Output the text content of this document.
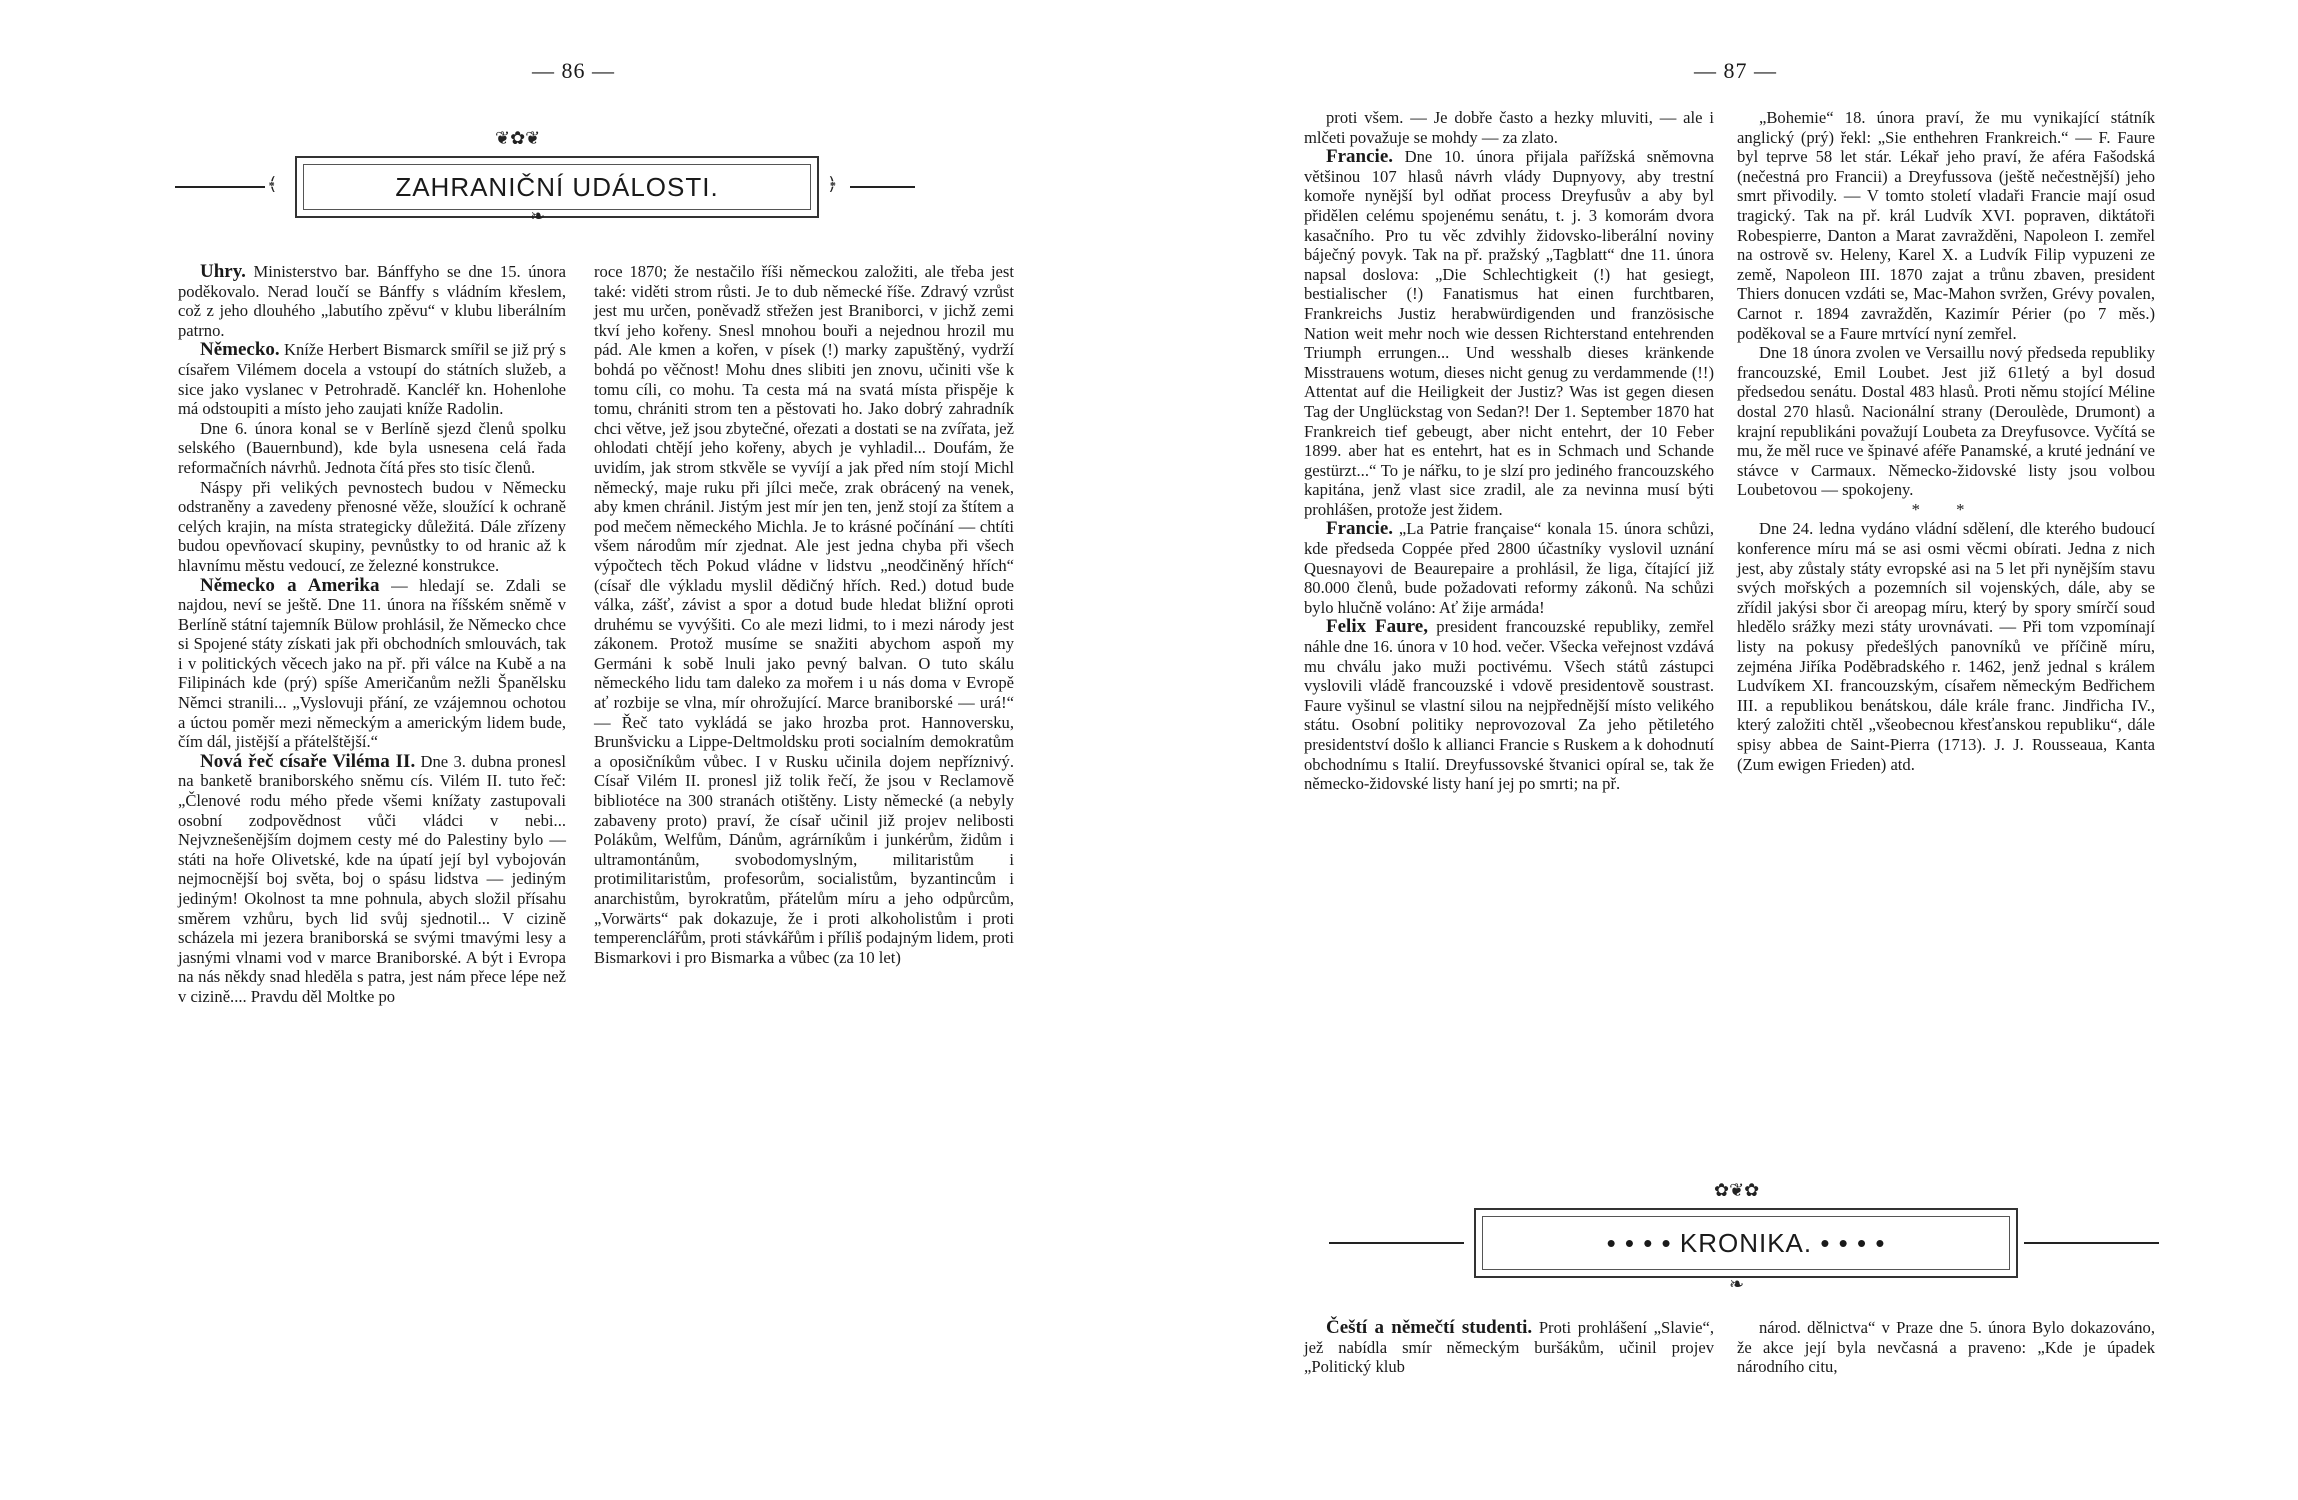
— 86 —
❦✿❦
﴾	ZAHRANIČNÍ UDÁLOSTI.	﴿
❧

Uhry. Ministerstvo bar. Bánffyho se dne 15. února poděkovalo. Nerad loučí se Bánffy s vládním křeslem, což z jeho dlouhého „labutího zpěvu“ v klubu liberálním patrno.

Německo. Kníže Herbert Bismarck smířil se již prý s císařem Vilémem docela a vstoupí do státních služeb, a sice jako vyslanec v Petrohradě. Kancléř kn. Hohenlohe má odstoupiti a místo jeho zaujati kníže Radolin.

Dne 6. února konal se v Berlíně sjezd členů spolku selského (Bauernbund), kde byla usnesena celá řada reformačních návrhů. Jednota čítá přes sto tisíc členů.

Náspy při velikých pevnostech budou v Německu odstraněny a zavedeny přenosné věže, sloužící k ochraně celých krajin, na místa strategicky důležitá. Dále zřízeny budou opevňovací skupiny, pevnůstky to od hranic až k hlavnímu městu vedoucí, ze železné konstrukce.

Německo a Amerika — hledají se. Zdali se najdou, neví se ještě. Dne 11. února na říšském sněmě v Berlíně státní tajemník Bülow prohlásil, že Německo chce si Spojené státy získati jak při obchodních smlouvách, tak i v politických věcech jako na př. při válce na Kubě a na Filipinách kde (prý) spíše Američanům nežli Španělsku Němci stranili... „Vyslovuji přání, ze vzájemnou ochotou a úctou poměr mezi německým a americkým lidem bude, čím dál, jistější a přátelštější.“

Nová řeč císaře Viléma II. Dne 3. dubna pronesl na banketě braniborského sněmu cís. Vilém II. tuto řeč: „Členové rodu mého přede všemi knížaty zastupovali osobní zodpovědnost vůči vládci v nebi... Nejvznešenějším dojmem cesty mé do Palestiny bylo — státi na hoře Olivetské, kde na úpatí její byl vybojován nejmocnější boj světa, boj o spásu lidstva — jediným jediným! Okolnost ta mne pohnula, abych složil přísahu směrem vzhůru, bych lid svůj sjednotil... V cizině scházela mi jezera braniborská se svými tmavými lesy a jasnými vlnami vod v marce Braniborské. A být i Evropa na nás někdy snad hleděla s patra, jest nám přece lépe než v cizině.... Pravdu děl Moltke po

roce 1870; že nestačilo říši německou založiti, ale třeba jest také: viděti strom růsti. Je to dub německé říše. Zdravý vzrůst jest mu určen, poněvadž střežen jest Braniborci, v jichž zemi tkví jeho kořeny. Snesl mnohou bouři a nejednou hrozil mu pád. Ale kmen a kořen, v písek (!) marky zapuštěný, vydrží bohdá po věčnost! Mohu dnes slibiti jen znovu, učiniti vše k tomu cíli, co mohu. Ta cesta má na svatá místa přispěje k tomu, chrániti strom ten a pěstovati ho. Jako dobrý zahradník chci větve, jež jsou zbytečné, ořezati a dostati se na zvířata, jež ohlodati chtějí jeho kořeny, abych je vyhladil... Doufám, že uvidím, jak strom stkvěle se vyvíjí a jak před ním stojí Michl německý, maje ruku při jílci meče, zrak obrácený na venek, aby kmen chránil. Jistým jest mír jen ten, jenž stojí za štítem a pod mečem německého Michla. Je to krásné počínání — chtíti všem národům mír zjednat. Ale jest jedna chyba při všech výpočtech těch Pokud vládne v lidstvu „neodčiněný hřích“ (císař dle výkladu myslil dědičný hřích. Red.) dotud bude válka, zášť, závist a spor a dotud bude hledat bližní oproti druhému se vyvýšiti. Co ale mezi lidmi, to i mezi národy jest zákonem. Protož musíme se snažiti abychom aspoň my Germáni k sobě lnuli jako pevný balvan. O tuto skálu německého lidu tam daleko za mořem i u nás doma v Evropě ať rozbije se vlna, mír ohrožující. Marce braniborské — urá!“ — Řeč tato vykládá se jako hrozba prot. Hannoversku, Brunšvicku a Lippe-Deltmoldsku proti socialním demokratům a oposičníkům vůbec. I v Rusku učinila dojem nepříznivý. Císař Vilém II. pronesl již tolik řečí, že jsou v Reclamově bibliotéce na 300 stranách otištěny. Listy německé (a nebyly zabaveny proto) praví, že císař učinil již projev nelibosti Polákům, Welfům, Dánům, agrárníkům i junkérům, židům i ultramontánům, svobodomyslným, militaristům i protimilitaristům, profesorům, socialistům, byzantincům i anarchistům, byrokratům, přátelům míru a jeho odpůrcům, „Vorwärts“ pak dokazuje, že i proti alkoholistům i proti temperenclářům, proti stávkářům i příliš podajným lidem, proti Bismarkovi i pro Bismarka a vůbec (za 10 let)

— 87 —

proti všem. — Je dobře často a hezky mluviti, — ale i mlčeti považuje se mohdy — za zlato.

Francie. Dne 10. února přijala pařížská sněmovna většinou 107 hlasů návrh vlády Dupnyovy, aby trestní komoře nynější byl odňat process Dreyfusův a aby byl přidělen celému spojenému senátu, t. j. 3 komorám dvora kasačního. Pro tu věc zdvihly židovsko-liberální noviny báječný povyk. Tak na př. pražský „Tagblatt“ dne 11. února napsal doslova: „Die Schlechtigkeit (!) hat gesiegt, bestialischer (!) Fanatismus hat einen furchtbaren, Frankreichs Justiz herabwürdigenden und französische Nation weit mehr noch wie dessen Richterstand entehrenden Triumph errungen... Und wesshalb dieses kränkende Misstrauens wotum, dieses nicht genug zu verdammende (!!) Attentat auf die Heiligkeit der Justiz? Was ist gegen diesen Tag der Unglückstag von Sedan?! Der 1. September 1870 hat Frankreich tief gebeugt, aber nicht entehrt, der 10 Feber 1899. aber hat es entehrt, hat es in Schmach und Schande gestürzt...“ To je nářku, to je slzí pro jediného francouzského kapitána, jenž vlast sice zradil, ale za nevinna musí býti prohlášen, protože jest židem.

Francie. „La Patrie française“ konala 15. února schůzi, kde předseda Coppée před 2800 účastníky vyslovil uznání Quesnayovi de Beaurepaire a prohlásil, že liga, čítající již 80.000 členů, bude požadovati reformy zákonů. Na schůzi bylo hlučně voláno: Ať žije armáda!

Felix Faure, president francouzské republiky, zemřel náhle dne 16. února v 10 hod. večer. Všecka veřejnost vzdává mu chválu jako muži poctivému. Všech států zástupci vyslovili vládě francouzské i vdově presidentově soustrast. Faure vyšinul se vlastní silou na nejpřednější místo velikého státu. Osobní politiky neprovozoval Za jeho pětiletého presidentství došlo k allianci Francie s Ruskem a k dohodnutí obchodnímu s Italií. Dreyfussovské štvanici opíral se, tak že německo-židovské listy haní jej po smrti; na př.

„Bohemie“ 18. února praví, že mu vynikající státník anglický (prý) řekl: „Sie enthehren Frankreich.“ — F. Faure byl teprve 58 let stár. Lékař jeho praví, že aféra Fašodská (nečestná pro Francii) a Dreyfussova (ještě nečestnější) jeho smrt přivodily. — V tomto století vladaři Francie mají osud tragický. Tak na př. král Ludvík XVI. popraven, diktátoři Robespierre, Danton a Marat zavražděni, Napoleon I. zemřel na ostrově sv. Heleny, Karel X. a Ludvík Filip vypuzeni ze země, Napoleon III. 1870 zajat a trůnu zbaven, president Thiers donucen vzdáti se, Mac-Mahon svržen, Grévy povalen, Carnot r. 1894 zavražděn, Kazimír Périer (po 7 měs.) poděkoval se a Faure mrtvící nyní zemřel.

Dne 18 února zvolen ve Versaillu nový předseda republiky francouzské, Emil Loubet. Jest již 61letý a byl dosud předsedou senátu. Dostal 483 hlasů. Proti němu stojící Méline dostal 270 hlasů. Nacionální strany (Deroulède, Drumont) a krajní republikáni považují Loubeta za Dreyfusovce. Vyčítá se mu, že měl ruce ve špinavé aféře Panamské, a kruté jednání ve stávce v Carmaux. Německo-židovské listy jsou volbou Loubetovou — spokojeny.

* *

Dne 24. ledna vydáno vládní sdělení, dle kterého budoucí konference míru má se asi osmi věcmi obírati. Jedna z nich jest, aby zůstaly státy evropské asi na 5 let při nynějším stavu svých mořských a pozemních sil vojenských, dále, aby se zřídil jakýsi sbor či areopag míru, který by spory smírčí soud hledělo srážky mezi státy urovnávati. — Při tom vzpomínají listy na pokusy předešlých panovníků ve příčině míru, zejména Jiříka Poděbradského r. 1462, jenž jednal s králem Ludvíkem XI. francouzským, císařem německým Bedřichem III. a republikou benátskou, dále krále franc. Jindřicha IV., který založiti chtěl „všeobecnou křesťanskou republiku“, dále spisy abbea de Saint-Pierra (1713). J. J. Rousseaua, Kanta (Zum ewigen Frieden) atd.

✿❦✿
• • • • KRONIKA. • • • •
❧

Čeští a němečtí studenti. Proti prohlášení „Slavie“, jež nabídla smír německým buršákům, učinil projev „Politický klub

národ. dělnictva“ v Praze dne 5. února Bylo dokazováno, že akce její byla nevčasná a praveno: „Kde je úpadek národního citu,
